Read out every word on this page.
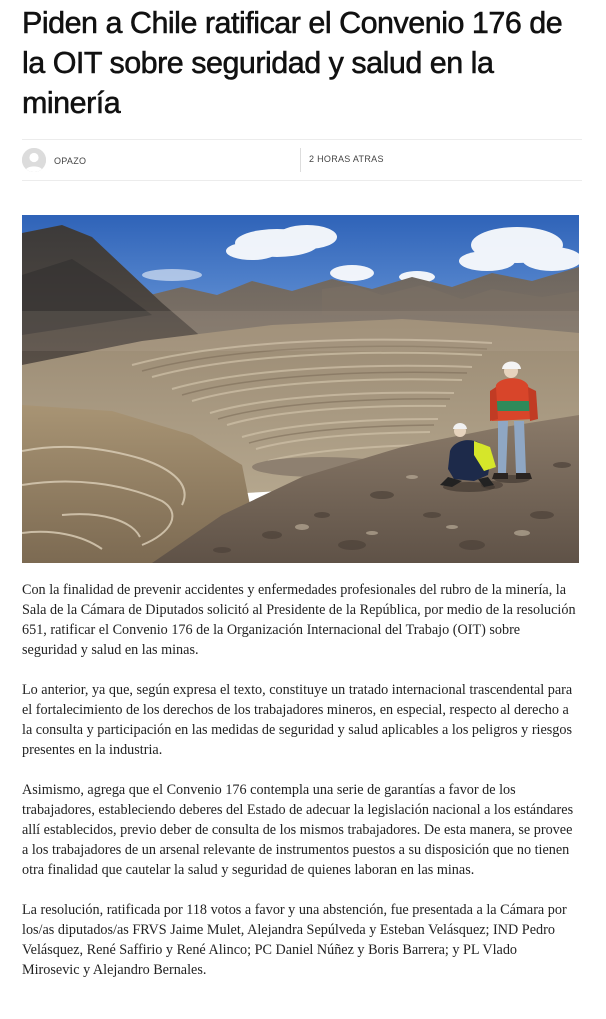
Piden a Chile ratificar el Convenio 176 de la OIT sobre seguridad y salud en la minería
OPAZO	2 HORAS ATRAS

Con la finalidad de prevenir accidentes y enfermedades profesionales del rubro de la minería, la Sala de la Cámara de Diputados solicitó al Presidente de la República, por medio de la resolución 651, ratificar el Convenio 176 de la Organización Internacional del Trabajo (OIT) sobre seguridad y salud en las minas.

Lo anterior, ya que, según expresa el texto, constituye un tratado internacional trascendental para el fortalecimiento de los derechos de los trabajadores mineros, en especial, respecto al derecho a la consulta y participación en las medidas de seguridad y salud aplicables a los peligros y riesgos presentes en la industria.

Asimismo, agrega que el Convenio 176 contempla una serie de garantías a favor de los trabajadores, estableciendo deberes del Estado de adecuar la legislación nacional a los estándares allí establecidos, previo deber de consulta de los mismos trabajadores. De esta manera, se provee a los trabajadores de un arsenal relevante de instrumentos puestos a su disposición que no tienen otra finalidad que cautelar la salud y seguridad de quienes laboran en las minas.

La resolución, ratificada por 118 votos a favor y una abstención, fue presentada a la Cámara por los/as diputados/as FRVS Jaime Mulet, Alejandra Sepúlveda y Esteban Velásquez; IND Pedro Velásquez, René Saffirio y René Alinco; PC Daniel Núñez y Boris Barrera; y PL Vlado Mirosevic y Alejandro Bernales.
